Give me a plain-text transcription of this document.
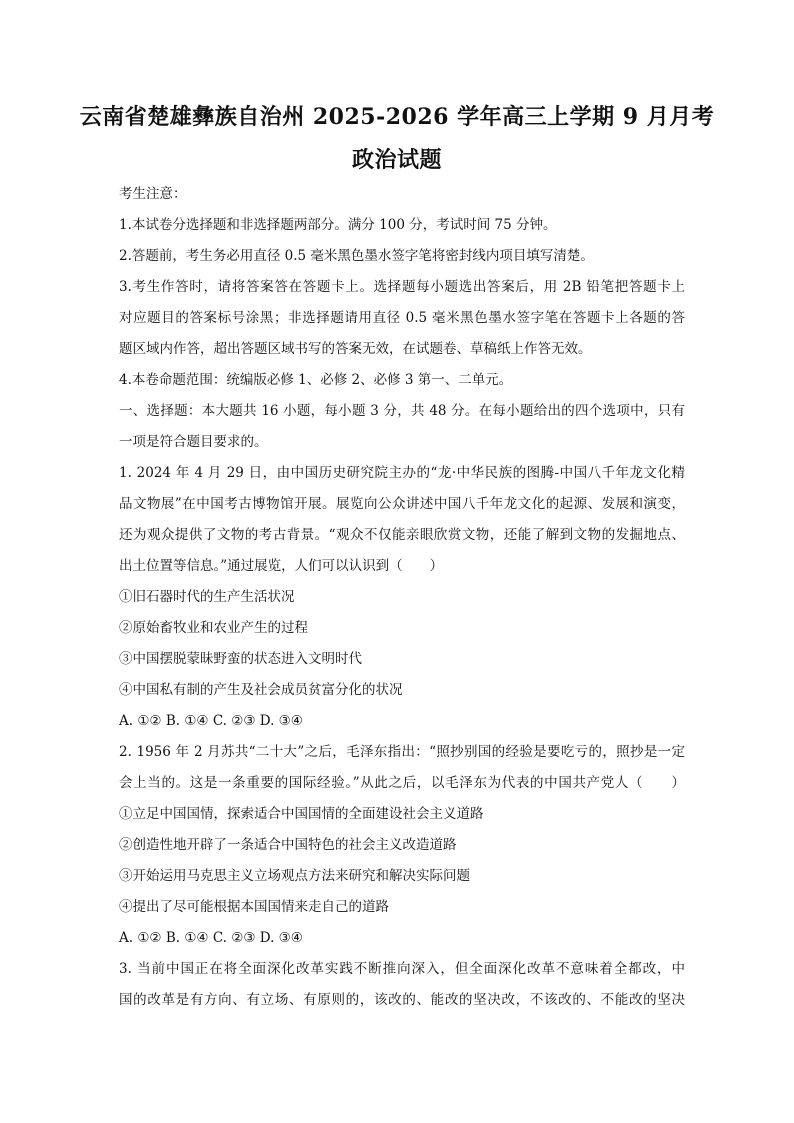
云南省楚雄彝族自治州 2025-2026 学年高三上学期 9 月月考
政治试题
考生注意：
1.本试卷分选择题和非选择题两部分。满分 100 分，考试时间 75 分钟。
2.答题前，考生务必用直径 0.5 毫米黑色墨水签字笔将密封线内项目填写清楚。
3.考生作答时，请将答案答在答题卡上。选择题每小题选出答案后，用 2B 铅笔把答题卡上
对应题目的答案标号涂黑；非选择题请用直径 0.5 毫米黑色墨水签字笔在答题卡上各题的答
题区域内作答，超出答题区域书写的答案无效，在试题卷、草稿纸上作答无效。
4.本卷命题范围：统编版必修 1、必修 2、必修 3 第一、二单元。
一、选择题：本大题共 16 小题，每小题 3 分，共 48 分。在每小题给出的四个选项中，只有
一项是符合题目要求的。
1. 2024 年 4 月 29 日，由中国历史研究院主办的“龙·中华民族的图腾-中国八千年龙文化精
品文物展”在中国考古博物馆开展。展览向公众讲述中国八千年龙文化的起源、发展和演变，
还为观众提供了文物的考古背景。“观众不仅能亲眼欣赏文物，还能了解到文物的发掘地点、
出土位置等信息。”通过展览，人们可以认识到（　　）
①旧石器时代的生产生活状况
②原始畜牧业和农业产生的过程
③中国摆脱蒙昧野蛮的状态进入文明时代
④中国私有制的产生及社会成员贫富分化的状况
A. ①② B. ①④ C. ②③ D. ③④
2. 1956 年 2 月苏共“二十大”之后，毛泽东指出：“照抄别国的经验是要吃亏的，照抄是一定
会上当的。这是一条重要的国际经验。”从此之后，以毛泽东为代表的中国共产党人（　　）
①立足中国国情，探索适合中国国情的全面建设社会主义道路
②创造性地开辟了一条适合中国特色的社会主义改造道路
③开始运用马克思主义立场观点方法来研究和解决实际问题
④提出了尽可能根据本国国情来走自己的道路
A. ①② B. ①④ C. ②③ D. ③④
3. 当前中国正在将全面深化改革实践不断推向深入，但全面深化改革不意味着全都改，中
国的改革是有方向、有立场、有原则的，该改的、能改的坚决改，不该改的、不能改的坚决
